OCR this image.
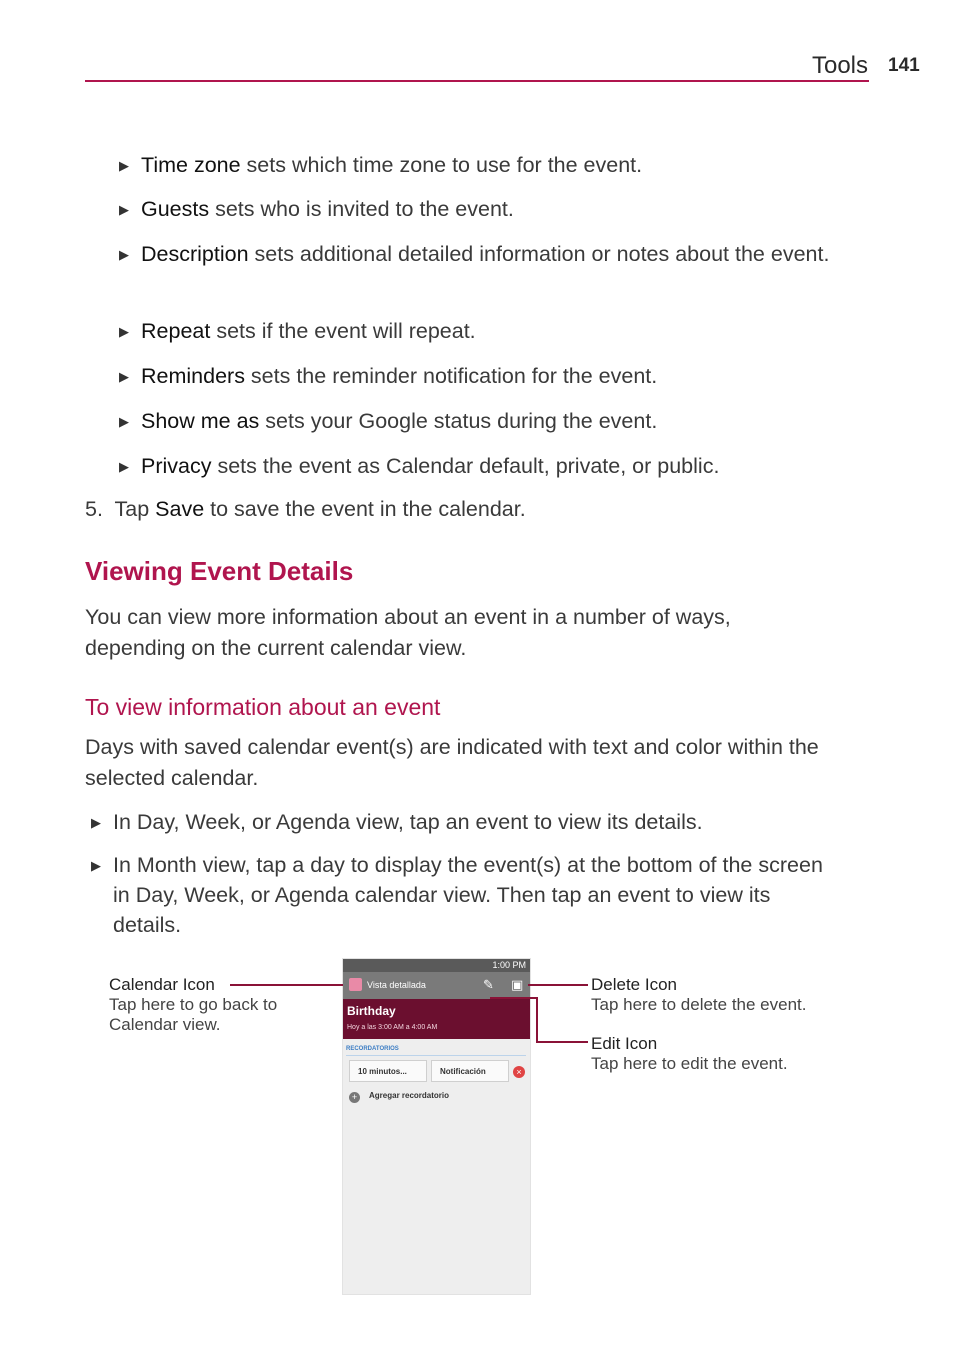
Tools 141
▶ Time zone sets which time zone to use for the event.
▶ Guests sets who is invited to the event.
▶ Description sets additional detailed information or notes about the event.
▶ Repeat sets if the event will repeat.
▶ Reminders sets the reminder notification for the event.
▶ Show me as sets your Google status during the event.
▶ Privacy sets the event as Calendar default, private, or public.
5. Tap Save to save the event in the calendar.
Viewing Event Details
You can view more information about an event in a number of ways, depending on the current calendar view.
To view information about an event
Days with saved calendar event(s) are indicated with text and color within the selected calendar.
▶ In Day, Week, or Agenda view, tap an event to view its details.
▶ In Month view, tap a day to display the event(s) at the bottom of the screen in Day, Week, or Agenda calendar view. Then tap an event to view its details.
1:00 PM
Vista detallada	✎ ▣
Birthday
Hoy a las 3:00 AM a 4:00 AM
RECORDATORIOS
10 minutos...	Notificación	×
+	Agregar recordatorio
Calendar Icon
Tap here to go back to Calendar view.
Delete Icon
Tap here to delete the event.
Edit Icon
Tap here to edit the event.
